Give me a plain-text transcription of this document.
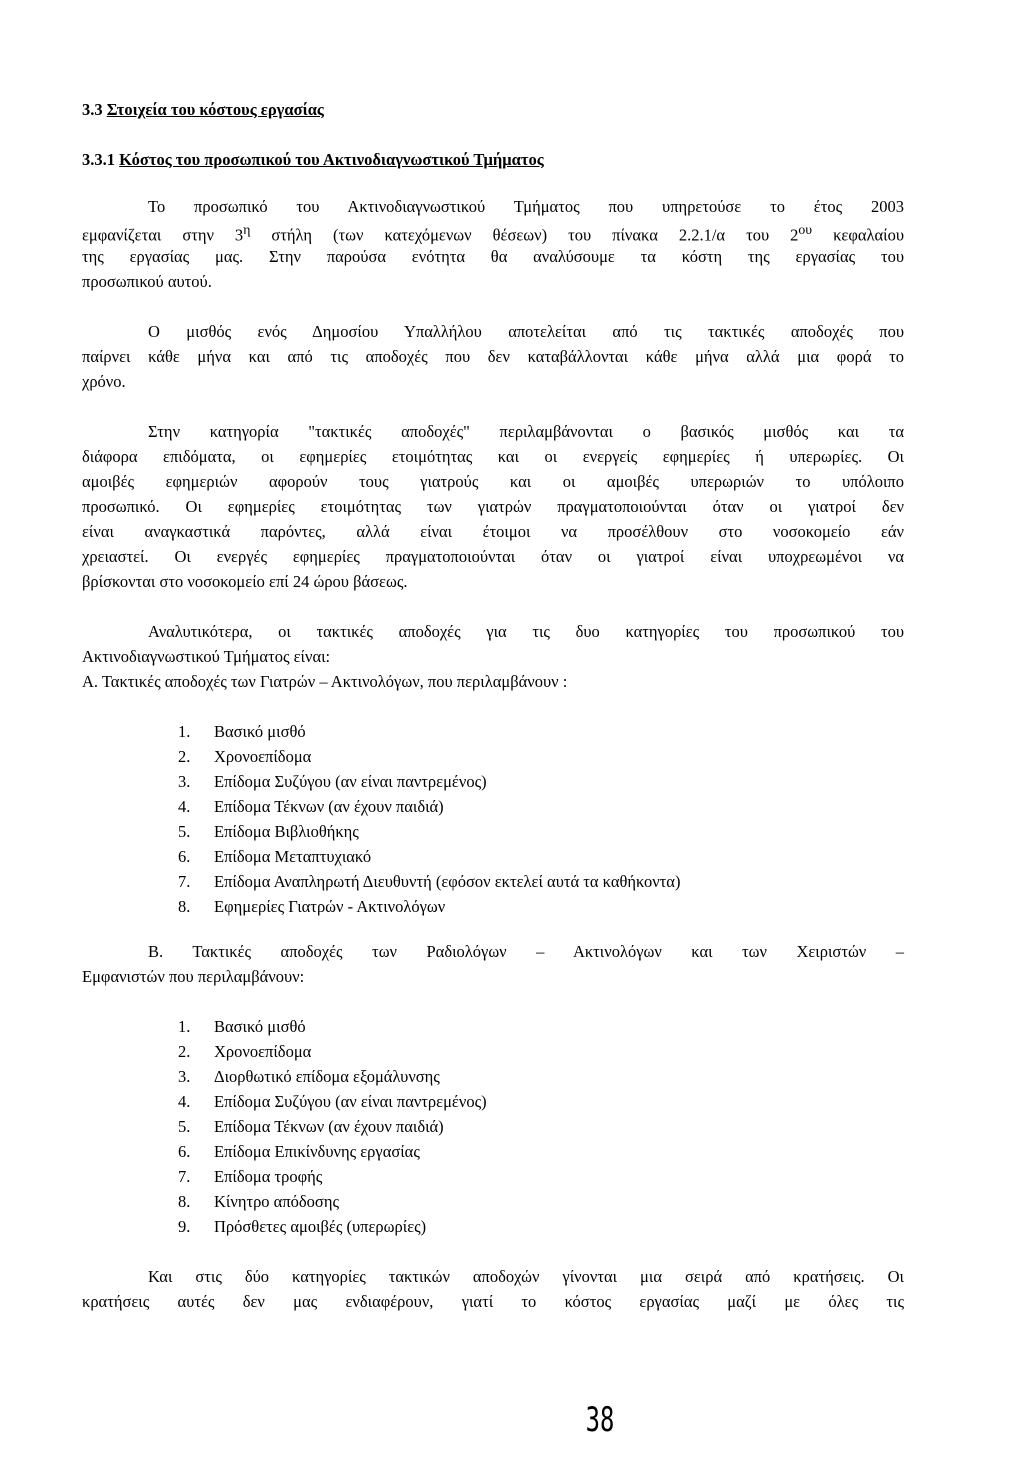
3.3 Στοιχεία του κόστους εργασίας
3.3.1 Κόστος του προσωπικού του Ακτινοδιαγνωστικού Τμήματος
Το προσωπικό του Ακτινοδιαγνωστικού Τμήματος που υπηρετούσε το έτος 2003
εμφανίζεται στην $3^\eta$ στήλη (των κατεχόμενων θέσεων) του πίνακα 2.2.1/α του $2^{o\upsilon}$ κεφαλαίου
της εργασίας μας. Στην παρούσα ενότητα θα αναλύσουμε τα κόστη της εργασίας του
προσωπικού αυτού.
Ο μισθός ενός Δημοσίου Υπαλλήλου αποτελείται από τις τακτικές αποδοχές που
παίρνει κάθε μήνα και από τις αποδοχές που δεν καταβάλλονται κάθε μήνα αλλά μια φορά το
χρόνο.
Στην κατηγορία "τακτικές αποδοχές" περιλαμβάνονται ο βασικός μισθός και τα
διάφορα επιδόματα, οι εφημερίες ετοιμότητας και οι ενεργείς εφημερίες ή υπερωρίες. Οι
αμοιβές εφημεριών αφορούν τους γιατρούς και οι αμοιβές υπερωριών το υπόλοιπο
προσωπικό. Οι εφημερίες ετοιμότητας των γιατρών πραγματοποιούνται όταν οι γιατροί δεν
είναι αναγκαστικά παρόντες, αλλά είναι έτοιμοι να προσέλθουν στο νοσοκομείο εάν
χρειαστεί. Οι ενεργές εφημερίες πραγματοποιούνται όταν οι γιατροί είναι υποχρεωμένοι να
βρίσκονται στο νοσοκομείο επί 24 ώρου βάσεως.
Αναλυτικότερα, οι τακτικές αποδοχές για τις δυο κατηγορίες του προσωπικού του
Ακτινοδιαγνωστικού Τμήματος είναι:
Α. Τακτικές αποδοχές των Γιατρών – Ακτινολόγων, που περιλαμβάνουν :
1. Βασικό μισθό
2. Χρονοεπίδομα
3. Επίδομα Συζύγου (αν είναι παντρεμένος)
4. Επίδομα Τέκνων (αν έχουν παιδιά)
5. Επίδομα Βιβλιοθήκης
6. Επίδομα Μεταπτυχιακό
7. Επίδομα Αναπληρωτή Διευθυντή (εφόσον εκτελεί αυτά τα καθήκοντα)
8. Εφημερίες Γιατρών - Ακτινολόγων
Β. Τακτικές αποδοχές των Ραδιολόγων – Ακτινολόγων και των Χειριστών –
Εμφανιστών που περιλαμβάνουν:
1. Βασικό μισθό
2. Χρονοεπίδομα
3. Διορθωτικό επίδομα εξομάλυνσης
4. Επίδομα Συζύγου (αν είναι παντρεμένος)
5. Επίδομα Τέκνων (αν έχουν παιδιά)
6. Επίδομα Επικίνδυνης εργασίας
7. Επίδομα τροφής
8. Κίνητρο απόδοσης
9. Πρόσθετες αμοιβές (υπερωρίες)
Και στις δύο κατηγορίες τακτικών αποδοχών γίνονται μια σειρά από κρατήσεις. Οι
κρατήσεις αυτές δεν μας ενδιαφέρουν, γιατί το κόστος εργασίας μαζί με όλες τις
38
